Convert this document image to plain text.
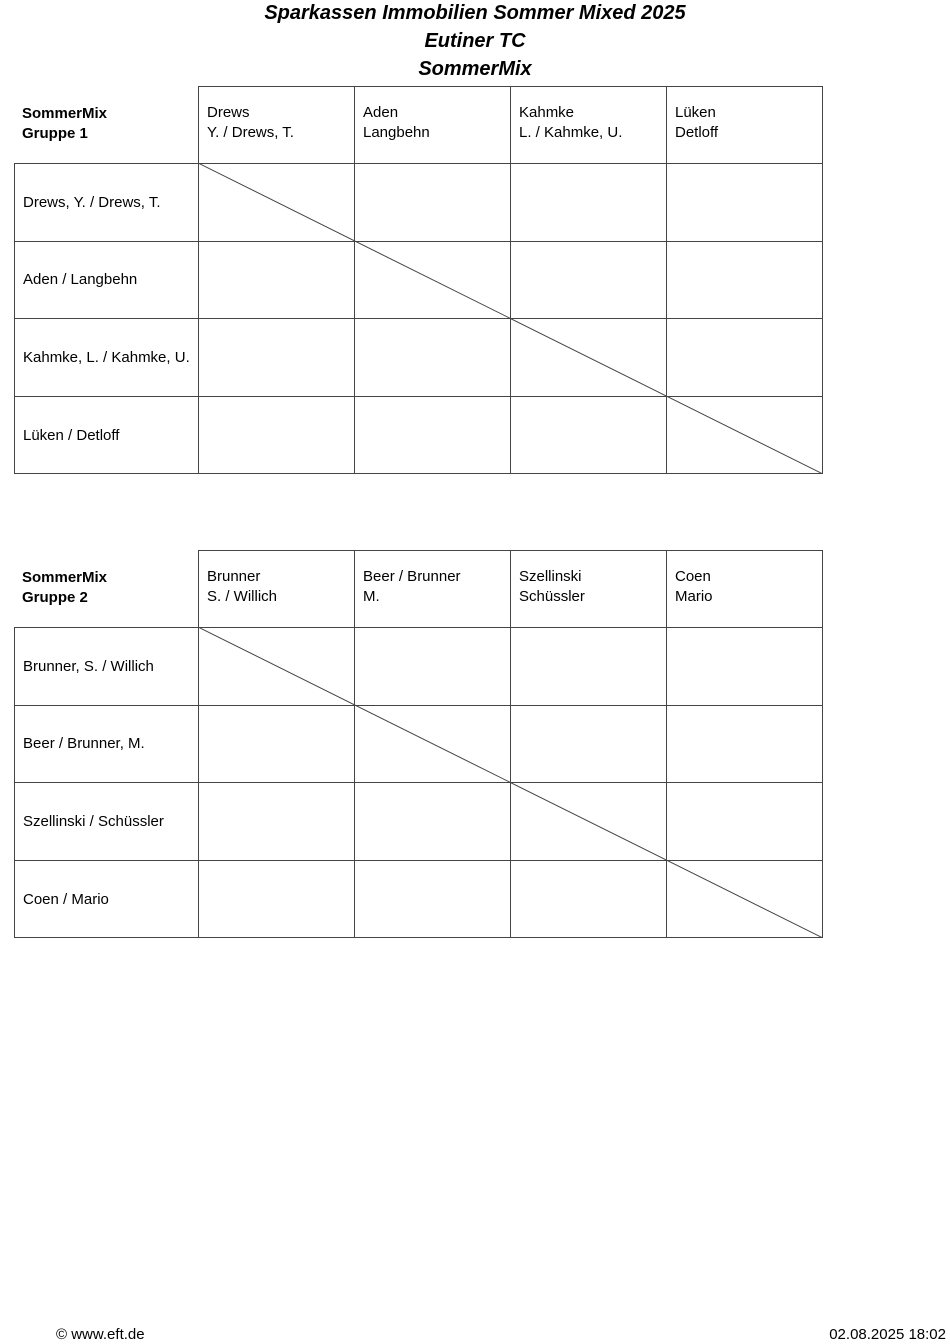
Sparkassen Immobilien Sommer Mixed 2025
Eutiner TC
SommerMix
SommerMix
Gruppe 1
Drews
Y. / Drews, T.
Aden
Langbehn
Kahmke
L. / Kahmke, U.
Lüken
Detloff
Drews, Y. / Drews, T.
Aden / Langbehn
Kahmke, L. / Kahmke, U.
Lüken / Detloff
SommerMix
Gruppe 2
Brunner
S. / Willich
Beer / Brunner
M.
Szellinski
Schüssler
Coen
Mario
Brunner, S. / Willich
Beer / Brunner, M.
Szellinski / Schüssler
Coen / Mario
© www.eft.de	02.08.2025 18:02
